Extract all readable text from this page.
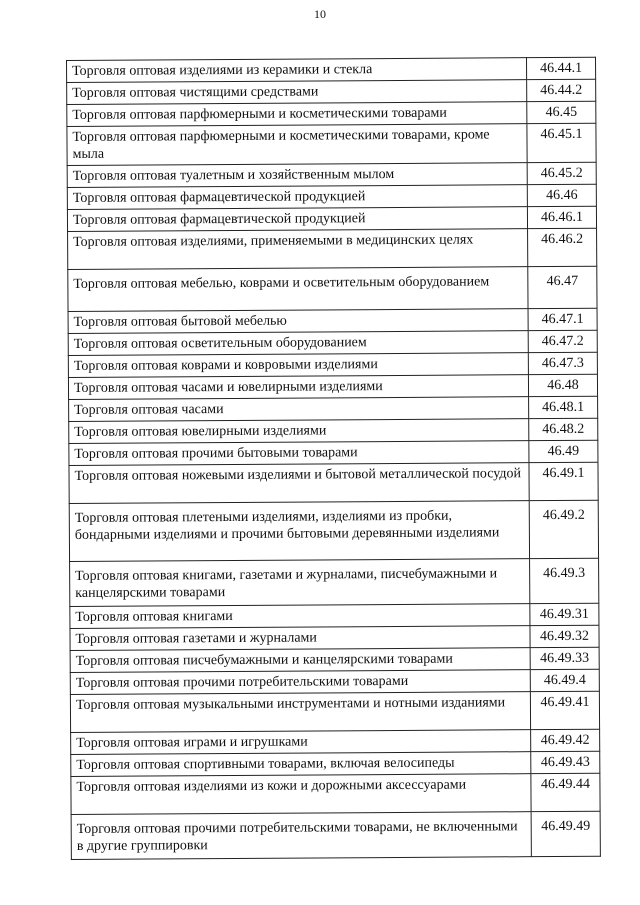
10
Торговля оптовая изделиями из керамики и стекла	46.44.1
Торговля оптовая чистящими средствами	46.44.2
Торговля оптовая парфюмерными и косметическими товарами	46.45
Торговля оптовая парфюмерными и косметическими товарами, кроме мыла	46.45.1
Торговля оптовая туалетным и хозяйственным мылом	46.45.2
Торговля оптовая фармацевтической продукцией	46.46
Торговля оптовая фармацевтической продукцией	46.46.1
Торговля оптовая изделиями, применяемыми в медицинских целях	46.46.2
Торговля оптовая мебелью, коврами и осветительным оборудованием	46.47
Торговля оптовая бытовой мебелью	46.47.1
Торговля оптовая осветительным оборудованием	46.47.2
Торговля оптовая коврами и ковровыми изделиями	46.47.3
Торговля оптовая часами и ювелирными изделиями	46.48
Торговля оптовая часами	46.48.1
Торговля оптовая ювелирными изделиями	46.48.2
Торговля оптовая прочими бытовыми товарами	46.49
Торговля оптовая ножевыми изделиями и бытовой металлической посудой	46.49.1
Торговля оптовая плетеными изделиями, изделиями из пробки, бондарными изделиями и прочими бытовыми деревянными изделиями	46.49.2
Торговля оптовая книгами, газетами и журналами, писчебумажными и канцелярскими товарами	46.49.3
Торговля оптовая книгами	46.49.31
Торговля оптовая газетами и журналами	46.49.32
Торговля оптовая писчебумажными и канцелярскими товарами	46.49.33
Торговля оптовая прочими потребительскими товарами	46.49.4
Торговля оптовая музыкальными инструментами и нотными изданиями	46.49.41
Торговля оптовая играми и игрушками	46.49.42
Торговля оптовая спортивными товарами, включая велосипеды	46.49.43
Торговля оптовая изделиями из кожи и дорожными аксессуарами	46.49.44
Торговля оптовая прочими потребительскими товарами, не включенными в другие группировки	46.49.49
